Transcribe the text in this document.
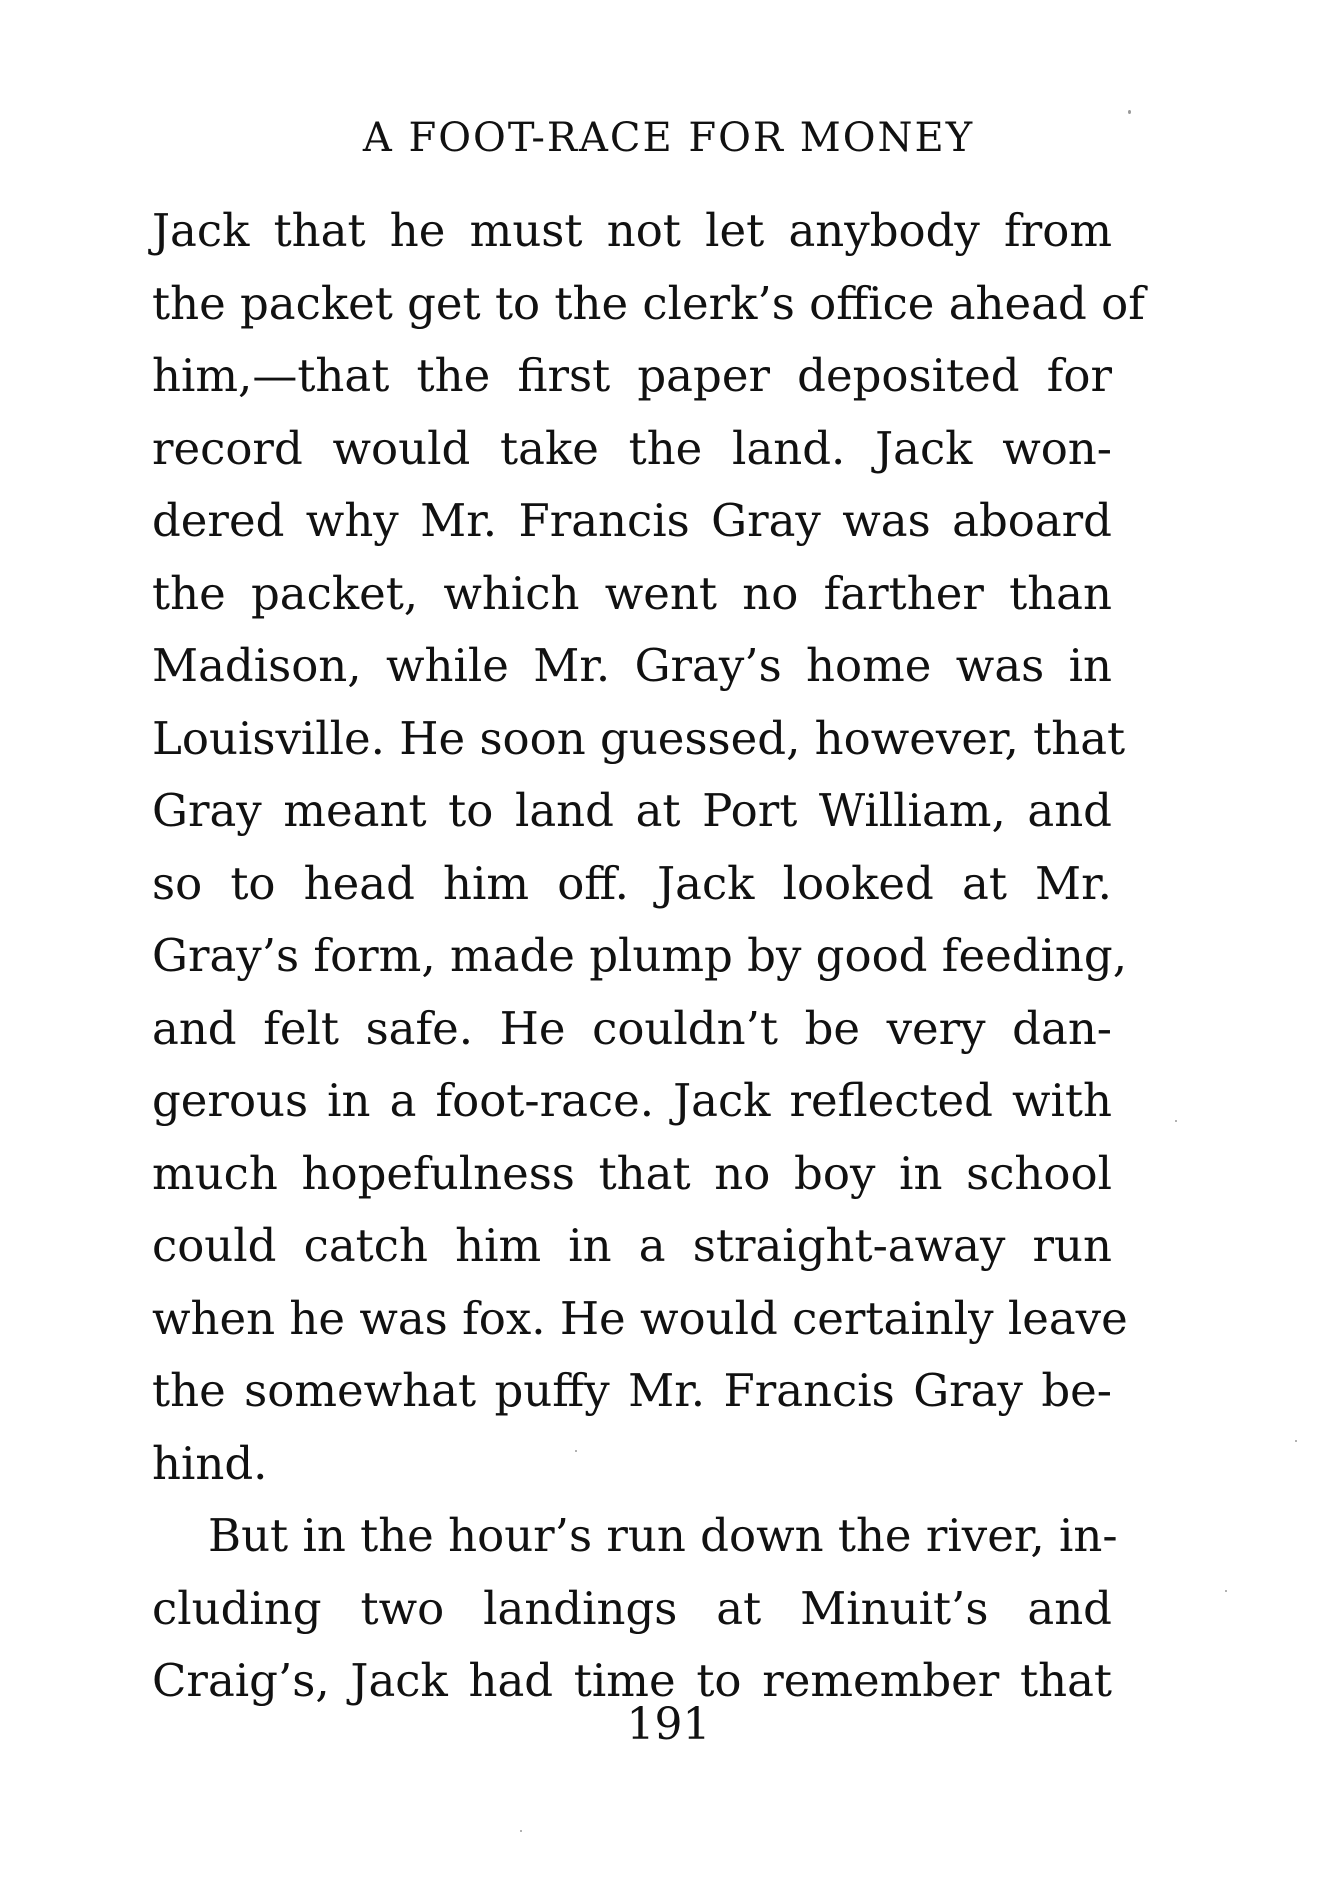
A FOOT-RACE FOR MONEY
Jack that he must not let anybody from
the packet get to the clerk’s office ahead of
him,—that the first paper deposited for
record would take the land. Jack won-
dered why Mr. Francis Gray was aboard
the packet, which went no farther than
Madison, while Mr. Gray’s home was in
Louisville. He soon guessed, however, that
Gray meant to land at Port William, and
so to head him off. Jack looked at Mr.
Gray’s form, made plump by good feeding,
and felt safe. He couldn’t be very dan-
gerous in a foot-race. Jack reflected with
much hopefulness that no boy in school
could catch him in a straight-away run
when he was fox. He would certainly leave
the somewhat puffy Mr. Francis Gray be-
hind.
But in the hour’s run down the river, in-
cluding two landings at Minuit’s and
Craig’s, Jack had time to remember that
191
